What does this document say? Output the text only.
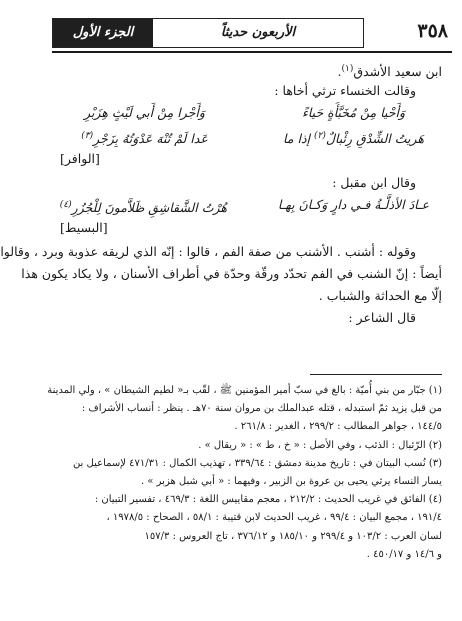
٣٥٨
الأربعون حديثاً
الجزء الأول
ابن سعيد الأشدق$^{(١)}$.
وقالت الخنساء ترثي أخاها :
وَأَحْيا مِنْ مُخَبَّأَةٍ حَياءً
وَأَجْرا مِنْ أَبي لَيْثٍ هِزَبْرِ
هَريتُ الشِّدْقِ رِئْبالٌ$^{(٢)}$ إذا ما
عَدا لَمْ تُنْهَ عَدْوَتُهُ بِزَجْرِ$^{(٣)}$
[الوافر]
وقال ابن مقبل :
عـادَ الأذلَّـةُ فـي دارٍ وَكـانَ بِهـا
هُرْتُ الشَّقاشِقِ ظَلاَّمونَ لِلْجُزُرِ$^{(٤)}$
[البسيط]
وقوله : أشنب . الأشنب من صفة الفم ، قالوا : إنّه الذي لريقه عذوبة وبرد ، وقالوا
أيضاً : إنّ الشنب في الفم تحدّد ورقّة وحدّة في أطراف الأسنان ، ولا يكاد يكون هذا
إلّا مع الحداثة والشباب .
قال الشاعر :
(١) جبّار من بني أُميّة : بالغ في سبّ أمير المؤمنين ﷺ ، لقّب بـ« لطيم الشيطان » ، ولي المدينة
من قبل يزيد ثمّ استبدله ، قتله عبدالملك بن مروان سنة ٧٠هـ . ينظر : أنساب الأشراف :
١٤٤/٥ ، جواهر المطالب : ٢٩٩/٢ ، الغدير : ٢٦١/٨ .
(٢) الرّئبال : الذئب ، وفي الأصل : « خ ، ط » : « ريقال » .
(٣) نُسب البيتان في : تاريخ مدينة دمشق : ٣٣٩/٦٤ ، تهذيب الكمال : ٤٧١/٣١ لإسماعيل بن
يسار النساء يرثي يحيى بن عروة بن الزبير ، وفيهما : « أبي شبل هزبر » .
(٤) الفائق في غريب الحديث : ٢١٢/٢ ، معجم مقاييس اللغة : ٤٦٩/٣ ، تفسير التبيان :
١٩١/٤ ، مجمع البيان : ٩٩/٤ ، غريب الحديث لابن قتيبة : ٥٨/١ ، الصحاح : ١٩٧٨/٥ ،
لسان العرب : ١٠٣/٢ و ٢٩٩/٤ و ١٨٥/١٠ و ٣٧٦/١٢ ، تاج العروس : ١٥٧/٣
و ١٤/٦ و ٤٥٠/١٧ .
